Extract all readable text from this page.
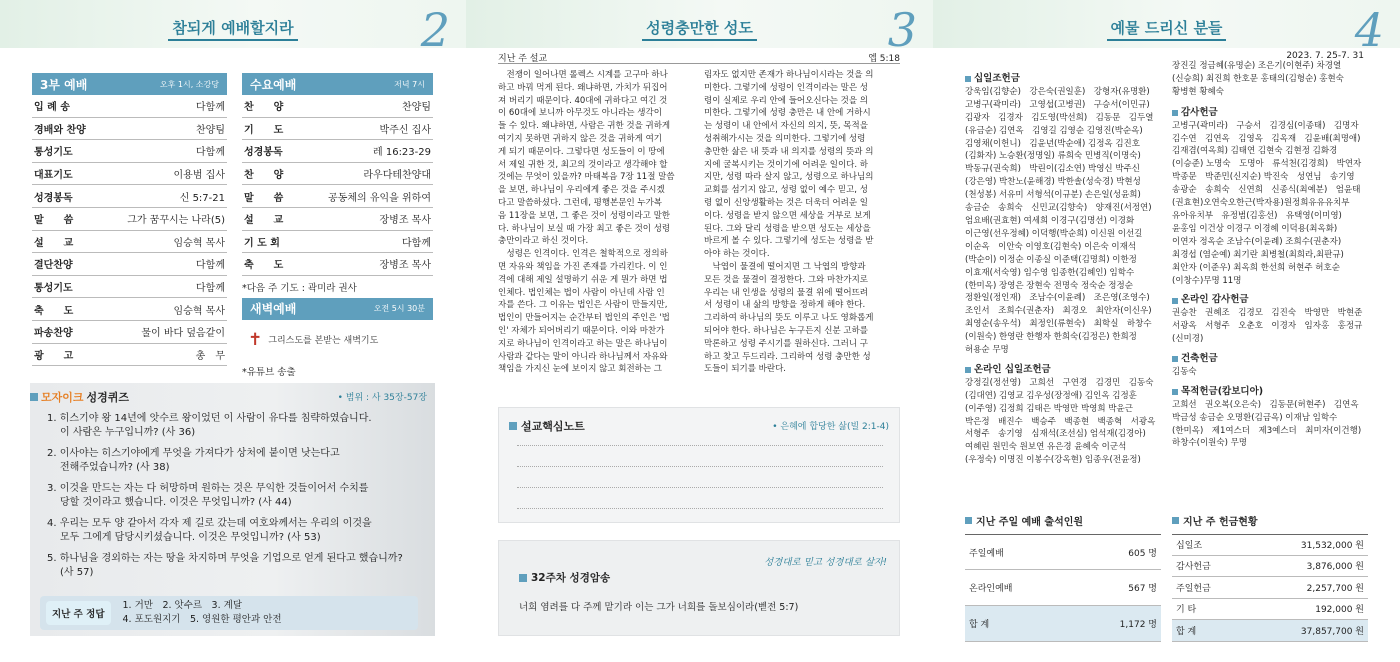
참되게 예배할지라	2
3부 예배	오후 1시, 소강당
입 례 송	다함께
경배와 찬양	찬양팀
통성기도	다함께
대표기도	이용범 집사
성경봉독	신 5:7-21
말　　씀	그가 꿈꾸시는 나라(5)
설　　교	임승혁 목사
결단찬양	다함께
통성기도	다함께
축　　도	임승혁 목사
파송찬양	물이 바다 덮음같이
광　　고	총　무
수요예배	저녁 7시
찬　　양	찬양팀
기　　도	박주신 집사
성경봉독	레 16:23-29
찬　　양	라우다테찬양대
말　　씀	공동체의 유익을 위하여
설　　교	장병조 목사
기 도 회	다함께
축　　도	장병조 목사
*다음 주 기도 : 곽미라 권사
새벽예배	오전 5시 30분
✝ 그리스도를 본받는 새벽기도
*유튜브 송출
모자이크 성경퀴즈	• 범위 : 사 35장-57장
1. 히스기야 왕 14년에 앗수르 왕이었던 이 사람이 유다를 침략하였습니다.
이 사람은 누구입니까? (사 36)
2. 이사야는 히스기야에게 무엇을 가져다가 상처에 붙이면 낫는다고
전해주었습니까? (사 38)
3. 이것을 만드는 자는 다 허망하며 원하는 것은 무익한 것들이어서 수치를
당할 것이라고 했습니다. 이것은 무엇입니까? (사 44)
4. 우리는 모두 양 같아서 각자 제 길로 갔는데 여호와께서는 우리의 이것을
모두 그에게 담당시키셨습니다. 이것은 무엇입니까? (사 53)
5. 하나님을 경외하는 자는 땅을 차지하며 무엇을 기업으로 얻게 된다고 했습니까?
(사 57)
지난 주 정답
1. 거만　2. 앗수르　3. 계달
4. 포도원지기　5. 영원한 평안과 안전
성령충만한 성도	3
지난 주 설교	엡 5:18
　전쟁이 일어나면 롤렉스 시계를 고구마 하나
하고 바꿔 먹게 된다. 왜냐하면, 가치가 뒤집어
져 버리기 때문이다. 40대에 귀하다고 여긴 것
이 60대에 보니까 아무것도 아니라는 생각이
들 수 있다. 왜냐하면, 사람은 귀한 것을 귀하게
여기지 못하면 귀하지 않은 것을 귀하게 여기
게 되기 때문이다. 그렇다면 성도들이 이 땅에
서 제일 귀한 것, 최고의 것이라고 생각해야 할
것에는 무엇이 있을까? 마태복음 7장 11절 말씀
을 보면, 하나님이 우리에게 좋은 것을 주시겠
다고 말씀하셨다. 그런데, 평행본문인 누가복
음 11장을 보면, 그 좋은 것이 성령이라고 말한
다. 하나님이 보실 때 가장 최고 좋은 것이 성령
충만이라고 하신 것이다.
　성령은 인격이다. 인격은 철학적으로 정의하
면 자유와 책임을 가진 존재를 가리킨다. 이 인
격에 대해 제일 설명하기 쉬운 게 뭔가 하면 법
인체다. 법인체는 법이 사람이 아닌데 사람 인
자를 쓴다. 그 이유는 법인은 사람이 만들지만,
법인이 만들어지는 순간부터 법인의 주인은 '법
인' 자체가 되어버리기 때문이다. 이와 마찬가
지로 하나님이 인격이라고 하는 말은 하나님이
사람과 같다는 말이 아니라 하나님께서 자유와
책임을 가지신 눈에 보이지 않고 회전하는 그
림자도 없지만 존재가 하나님이시라는 것을 의
미한다. 그렇기에 성령이 인격이라는 말은 성
령이 실제로 우리 안에 들어오신다는 것을 의
미한다. 그렇기에 성령 충만은 내 안에 거하시
는 성령이 내 안에서 자신의 의지, 뜻, 목적을
성취해가시는 것을 의미한다. 그렇기에 성령
충만한 삶은 내 뜻과 내 의지를 성령의 뜻과 의
지에 굴복시키는 것이기에 어려운 일이다. 하
지만, 성령 따라 살지 않고, 성령으로 하나님의
교회를 섬기지 않고, 성령 없이 예수 믿고, 성
령 없이 신앙생활하는 것은 더욱더 어려운 일
이다. 성령을 받지 않으면 세상을 거부로 보게
된다. 그와 달리 성령을 받으면 성도는 세상을
바르게 볼 수 있다. 그렇기에 성도는 성령을 받
아야 하는 것이다.
　낙엽이 물결에 떨어지면 그 낙엽의 방향과
모든 것을 물결이 결정한다. 그와 마찬가지로
우리는 내 인생을 성령의 물결 위에 떨어뜨려
서 성령이 내 삶의 방향을 정하게 해야 한다.
그리하여 하나님의 뜻도 이루고 나도 영화롭게
되어야 한다. 하나님은 누구든지 신분 고하를
막론하고 성령 주시기를 원하신다. 그러니 구
하고 찾고 두드리라. 그리하여 성령 충만한 성
도들이 되기를 바란다.
설교핵심노트	• 은혜에 합당한 삶(빌 2:1-4)
성경대로 믿고 성경대로 살자!
32주차 성경암송
너희 염려를 다 주께 맡기라 이는 그가 너희를 돌보심이라(벧전 5:7)
예물 드리신 분들	4
2023. 7. 25-7. 31
십일조헌금
강욱임(김향순)　강은숙(권일훈)　강형자(유명환)
고병구(곽미라)　고영섭(고병권)　구승서(이민규)
김광자　김경자　김도영(박선희)　김동문　김두열
(유금순) 김연옥　김영길 김영순 김영진(박순옥)
김영채(이헌니)　김윤년(박순애) 김정옥 김진호
(김화자) 노승환(정명일) 류희숙 민병직(이명숙)
박동규(권숙희)　박린이(김소연) 박영신 박주신
(강은영) 박찬노(윤해경) 박한솔(성숙경) 박현성
(천성봉) 서유미 서형석(이규분) 손은일(성윤희)
송금순　송희숙　신민교(김향숙)　양재진(서정연)
엄요배(권효현) 여세희 이경구(김명선) 이경화
이근영(선우정혜) 이덕행(박순희) 이신원 이선길
이순옥　이안숙 이영호(김현숙) 이은숙 이재석
(박순이) 이정순 이종실 이준택(김명희) 이한정
이효재(서숙영) 임수영 임종한(김혜인) 임학수
(한미옥) 장영은 장현숙 전명숙 정숙순 정정순
정환일(정인재)　조남수(이윤례)　조은영(조영수)
조인서　조희수(권춘자)　최경오　최안자(이신우)
최영순(송우석)　최정인(류현숙)　최학실　하창수
(이원숙) 한영란 한행자 한희숙(김정은) 한희정
허용순 무명
온라인 십일조헌금
강정길(정선영)　고희선　구연경　김경민　김동숙
(김대연) 김영교 김우성(장정애) 김인옥 김정훈
(이주영) 김정희 김태은 박영만 박영희 박윤근
박은정　배진수　백승주　백종현　백종혁　서광옥
서형주　송기영　심재석(조선심) 엄석재(김경아)
여혜린 원민숙 원보연 유은경 윤혜숙 이군석
(우정숙) 이명진 이봉수(강옥현) 임종우(전윤정)
장진길 정금혜(유명순) 조은기(이현주) 차경열
(신승희) 최진희 한호문 홍태의(김형순) 홍현숙
황병현 황혜숙
감사헌금
고병구(곽미라)　구승서　김경심(이종태)　김명자
김수연　김연옥　김영옥　김옥재　김윤배(최명애)
김재겸(여옥희) 김태연 김현숙 김현정 김화경
(이승준) 노명숙　도명아　류석천(김경희)　박연자
박종문　박준민(신지순) 박진숙　성연님　송기영
송광순　송희숙　신연희　신종식(최예분)　엄윤태
(권효현)오연숙오한근(박자용)원정희유유유치부
유아유치부　유정범(김홍선)　유택영(이미영)
윤홍임 이건상 이경구 이경혜 이덕용(최옥화)
이연자 정옥순 조남수(이윤례) 조희수(권춘자)
최경섭 (염순예) 최기란 최병철(최희라,최판규)
최안자 (이준우) 최옥희 한선희 허현주 허호순
(이창수)무명 11명
온라인 감사헌금
권승찬　권혜조　김경모　김진숙　박영만　박현준
서광옥　서형주　오춘호　이경자　임자홍　홍정규
(신미경)
건축헌금
김동숙
목적헌금(캄보디아)
고희선　권오복(오은숙)　김동문(허현주)　김연옥
박금성 송금순 오명환(김금옥) 이재남 임학수
(한미옥)　제1여스더　제3예스더　최미자(이건행)
하창수(이원숙) 무명
지난 주일 예배 출석인원
주일예배	605 명
온라인예배	567 명
합 계	1,172 명
지난 주 헌금현황
십일조	31,532,000 원
감사헌금	3,876,000 원
주일헌금	2,257,700 원
기 타	192,000 원
합 계	37,857,700 원
